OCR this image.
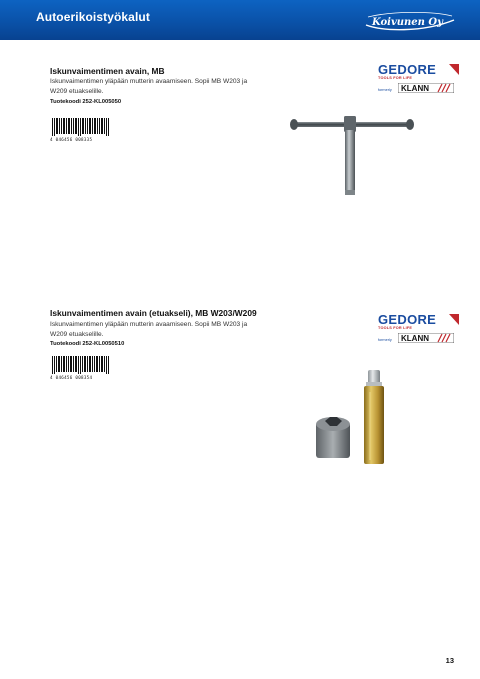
Autoerikoistyökalut	Koivunen Oy
Iskunvaimentimen avain, MB
Iskunvaimentimen yläpään mutterin avaamiseen. Sopii MB W203 ja W209 etuakselille.
Tuotekoodi 252-KL005050
4 046456 008335
GEDORE
TOOLS FOR LIFE
formerly KLANN
Iskunvaimentimen avain (etuakseli), MB W203/W209
Iskunvaimentimen yläpään mutterin avaamiseen. Sopii MB W203 ja W209 etuakselille.
Tuotekoodi 252-KL0050510
4 046456 008354
GEDORE
TOOLS FOR LIFE
formerly KLANN
13
